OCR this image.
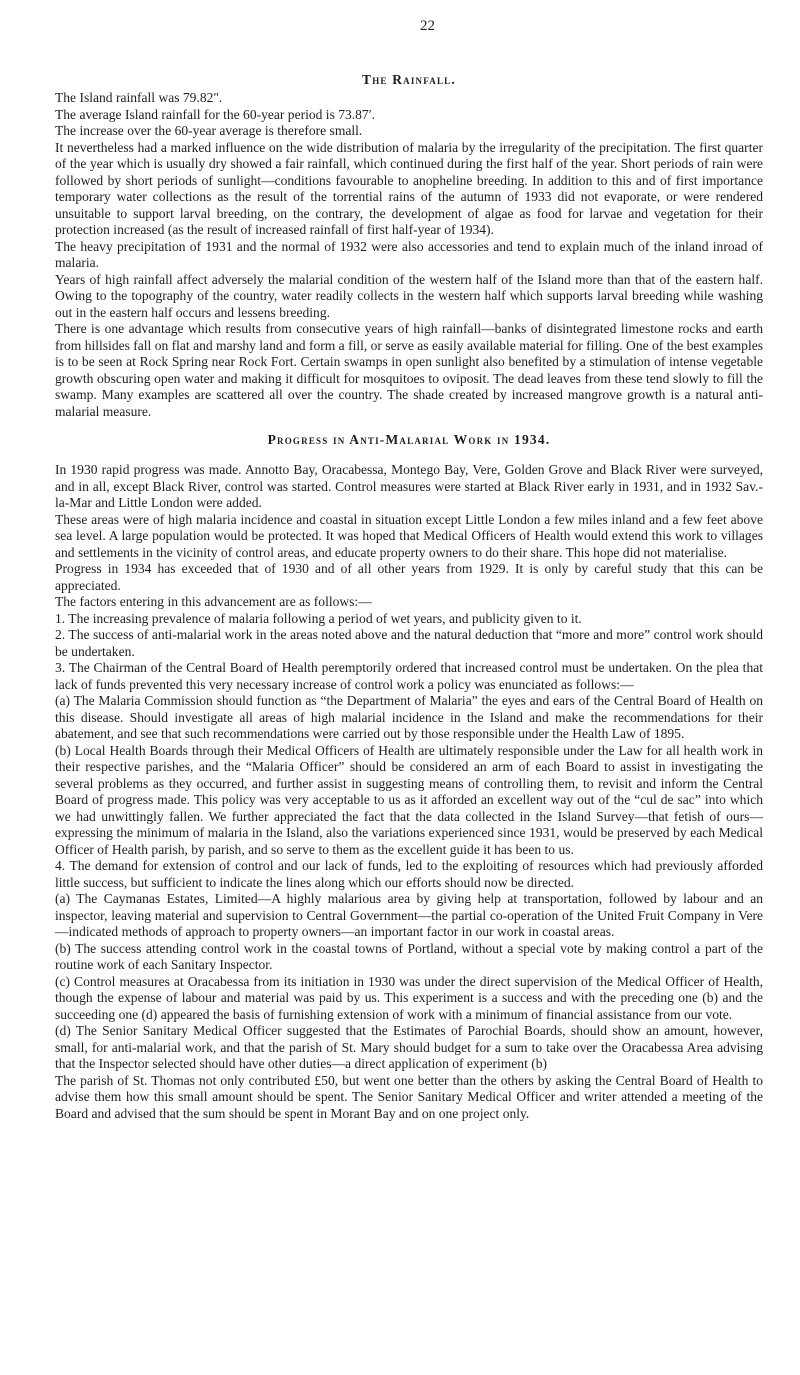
22
The Rainfall.

The Island rainfall was 79.82".

The average Island rainfall for the 60-year period is 73.87′.

The increase over the 60-year average is therefore small.

It nevertheless had a marked influence on the wide distribution of malaria by the irregularity of the precipitation. The first quarter of the year which is usually dry showed a fair rainfall, which continued during the first half of the year. Short periods of rain were followed by short periods of sunlight—conditions favourable to anopheline breeding. In addition to this and of first importance temporary water collections as the result of the torrential rains of the autumn of 1933 did not evaporate, or were rendered unsuitable to support larval breeding, on the contrary, the development of algae as food for larvae and vegetation for their protection increased (as the result of increased rainfall of first half-year of 1934).

The heavy precipitation of 1931 and the normal of 1932 were also accessories and tend to explain much of the inland inroad of malaria.

Years of high rainfall affect adversely the malarial condition of the western half of the Island more than that of the eastern half. Owing to the topography of the country, water readily collects in the western half which supports larval breeding while washing out in the eastern half occurs and lessens breeding.

There is one advantage which results from consecutive years of high rainfall—banks of disintegrated limestone rocks and earth from hillsides fall on flat and marshy land and form a fill, or serve as easily available material for filling. One of the best examples is to be seen at Rock Spring near Rock Fort. Certain swamps in open sunlight also benefited by a stimulation of intense vegetable growth obscuring open water and making it difficult for mosquitoes to oviposit. The dead leaves from these tend slowly to fill the swamp. Many examples are scattered all over the country. The shade created by increased mangrove growth is a natural anti-malarial measure.

Progress in Anti-Malarial Work in 1934.

In 1930 rapid progress was made. Annotto Bay, Oracabessa, Montego Bay, Vere, Golden Grove and Black River were surveyed, and in all, except Black River, control was started. Control measures were started at Black River early in 1931, and in 1932 Sav.-la-Mar and Little London were added.

These areas were of high malaria incidence and coastal in situation except Little London a few miles inland and a few feet above sea level. A large population would be protected. It was hoped that Medical Officers of Health would extend this work to villages and settlements in the vicinity of control areas, and educate property owners to do their share. This hope did not materialise.

Progress in 1934 has exceeded that of 1930 and of all other years from 1929. It is only by careful study that this can be appreciated.

The factors entering in this advancement are as follows:—

1. The increasing prevalence of malaria following a period of wet years, and publicity given to it.

2. The success of anti-malarial work in the areas noted above and the natural deduction that “more and more” control work should be undertaken.

3. The Chairman of the Central Board of Health peremptorily ordered that increased control must be undertaken. On the plea that lack of funds prevented this very necessary increase of control work a policy was enunciated as follows:—

(a) The Malaria Commission should function as “the Department of Malaria” the eyes and ears of the Central Board of Health on this disease. Should investigate all areas of high malarial incidence in the Island and make the recommendations for their abatement, and see that such recommendations were carried out by those responsible under the Health Law of 1895.

(b) Local Health Boards through their Medical Officers of Health are ultimately responsible under the Law for all health work in their respective parishes, and the “Malaria Officer” should be considered an arm of each Board to assist in investigating the several problems as they occurred, and further assist in suggesting means of controlling them, to revisit and inform the Central Board of progress made. This policy was very acceptable to us as it afforded an excellent way out of the “cul de sac” into which we had unwittingly fallen. We further appreciated the fact that the data collected in the Island Survey—that fetish of ours—expressing the minimum of malaria in the Island, also the variations experienced since 1931, would be preserved by each Medical Officer of Health parish, by parish, and so serve to them as the excellent guide it has been to us.

4. The demand for extension of control and our lack of funds, led to the exploiting of resources which had previously afforded little success, but sufficient to indicate the lines along which our efforts should now be directed.

(a) The Caymanas Estates, Limited—A highly malarious area by giving help at transportation, followed by labour and an inspector, leaving material and supervision to Central Government—the partial co-operation of the United Fruit Company in Vere—indicated methods of approach to property owners—an important factor in our work in coastal areas.

(b) The success attending control work in the coastal towns of Portland, without a special vote by making control a part of the routine work of each Sanitary Inspector.

(c) Control measures at Oracabessa from its initiation in 1930 was under the direct supervision of the Medical Officer of Health, though the expense of labour and material was paid by us. This experiment is a success and with the preceding one (b) and the succeeding one (d) appeared the basis of furnishing extension of work with a minimum of financial assistance from our vote.

(d) The Senior Sanitary Medical Officer suggested that the Estimates of Parochial Boards, should show an amount, however, small, for anti-malarial work, and that the parish of St. Mary should budget for a sum to take over the Oracabessa Area advising that the Inspector selected should have other duties—a direct application of experiment (b)

The parish of St. Thomas not only contributed £50, but went one better than the others by asking the Central Board of Health to advise them how this small amount should be spent. The Senior Sanitary Medical Officer and writer attended a meeting of the Board and advised that the sum should be spent in Morant Bay and on one project only.
